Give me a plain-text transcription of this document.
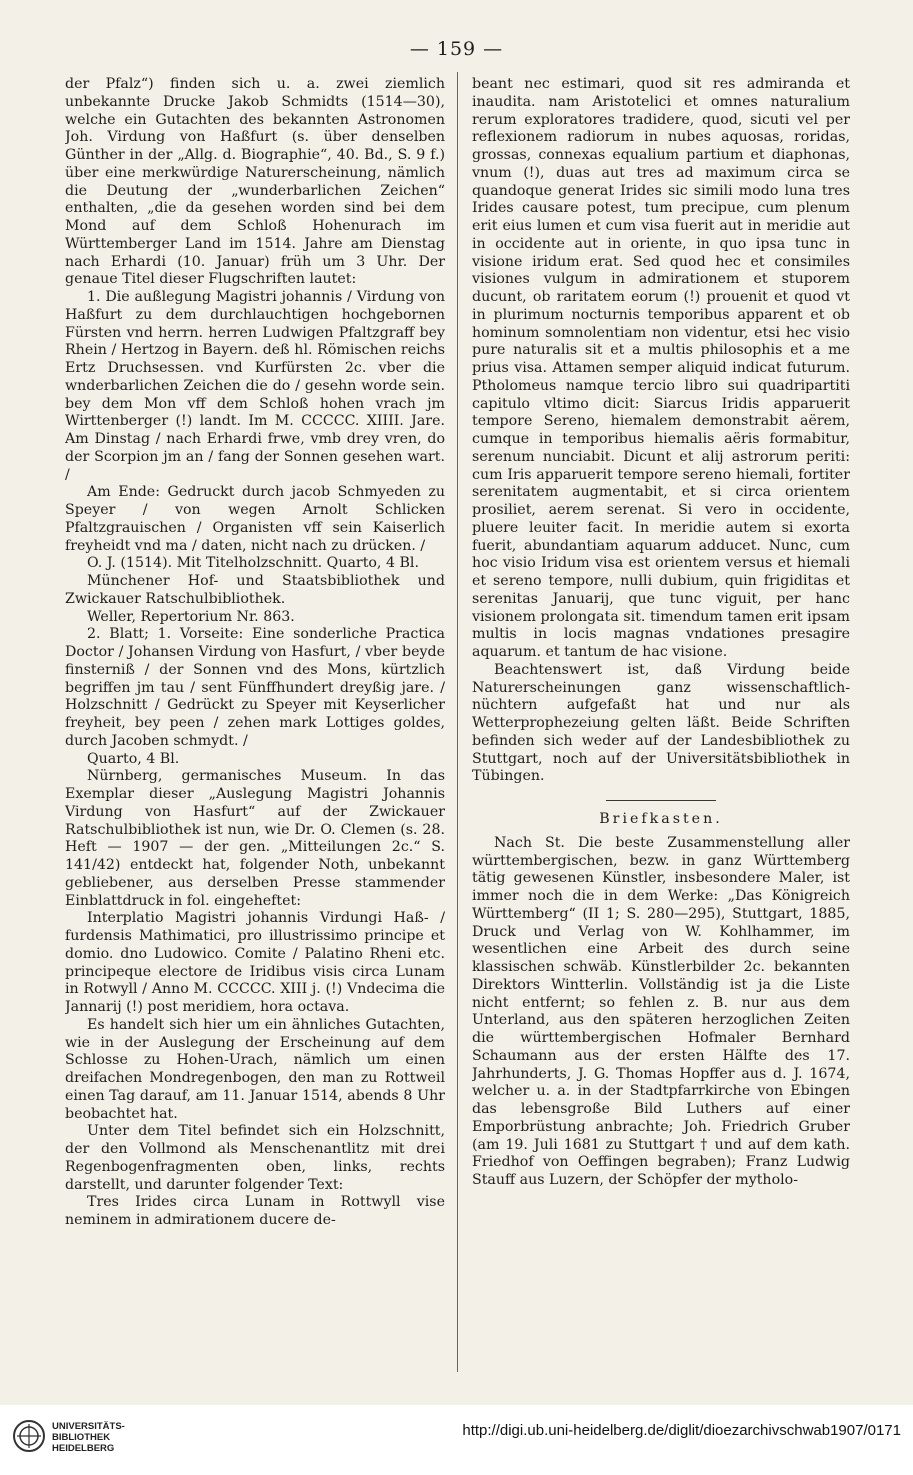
— 159 —

der Pfalz“) finden sich u. a. zwei ziemlich unbekannte Drucke Jakob Schmidts (1514—30), welche ein Gutachten des bekannten Astronomen Joh. Virdung von Haßfurt (s. über denselben Günther in der „Allg. d. Biographie“, 40. Bd., S. 9 f.) über eine merkwürdige Naturerscheinung, nämlich die Deutung der „wunderbarlichen Zeichen“ enthalten, „die da gesehen worden sind bei dem Mond auf dem Schloß Hohenurach im Württemberger Land im 1514. Jahre am Dienstag nach Erhardi (10. Januar) früh um 3 Uhr. Der genaue Titel dieser Flugschriften lautet:

1. Die außlegung Magistri johannis / Virdung von Haßfurt zu dem durchlauchtigen hochgebornen Fürsten vnd herrn. herren Ludwigen Pfaltzgraff bey Rhein / Hertzog in Bayern. deß hl. Römischen reichs Ertz Druchsessen. vnd Kurfürsten 2c. vber die wnderbarlichen Zeichen die do / gesehn worde sein. bey dem Mon vff dem Schloß hohen vrach jm Wirttenberger (!) landt. Im M. CCCCC. XIIII. Jare. Am Dinstag / nach Erhardi frwe, vmb drey vren, do der Scorpion jm an / fang der Sonnen gesehen wart. /

Am Ende: Gedruckt durch jacob Schmyeden zu Speyer / von wegen Arnolt Schlicken Pfaltzgrauischen / Organisten vff sein Kaiserlich freyheidt vnd ma / daten, nicht nach zu drücken. /

O. J. (1514). Mit Titelholzschnitt. Quarto, 4 Bl.

Münchener Hof- und Staatsbibliothek und Zwickauer Ratschulbibliothek.

Weller, Repertorium Nr. 863.

2. Blatt; 1. Vorseite: Eine sonderliche Practica Doctor / Johansen Virdung von Hasfurt, / vber beyde finsterniß / der Sonnen vnd des Mons, kürtzlich begriffen jm tau / sent Fünffhundert dreyßig jare. / Holzschnitt / Gedrückt zu Speyer mit Keyserlicher freyheit, bey peen / zehen mark Lottiges goldes, durch Jacoben schmydt. /

Quarto, 4 Bl.

Nürnberg, germanisches Museum. In das Exemplar dieser „Auslegung Magistri Johannis Virdung von Hasfurt“ auf der Zwickauer Ratschulbibliothek ist nun, wie Dr. O. Clemen (s. 28. Heft — 1907 — der gen. „Mitteilungen 2c.“ S. 141/42) entdeckt hat, folgender Noth, unbekannt gebliebener, aus derselben Presse stammender Einblattdruck in fol. eingeheftet:

Interplatio Magistri johannis Virdungi Haß- / furdensis Mathimatici, pro illustrissimo principe et domio. dno Ludowico. Comite / Palatino Rheni etc. principeque electore de Iridibus visis circa Lunam in Rotwyll / Anno M. CCCCC. XIII j. (!) Vndecima die Jannarij (!) post meridiem, hora octava.

Es handelt sich hier um ein ähnliches Gutachten, wie in der Auslegung der Erscheinung auf dem Schlosse zu Hohen-Urach, nämlich um einen dreifachen Mondregenbogen, den man zu Rottweil einen Tag darauf, am 11. Januar 1514, abends 8 Uhr beobachtet hat.

Unter dem Titel befindet sich ein Holzschnitt, der den Vollmond als Menschenantlitz mit drei Regenbogenfragmenten oben, links, rechts darstellt, und darunter folgender Text:

Tres Irides circa Lunam in Rottwyll vise neminem in admirationem ducere de-

beant nec estimari, quod sit res admiranda et inaudita. nam Aristotelici et omnes naturalium rerum exploratores tradidere, quod, sicuti vel per reflexionem radiorum in nubes aquosas, roridas, grossas, connexas equalium partium et diaphonas, vnum (!), duas aut tres ad maximum circa se quandoque generat Irides sic simili modo luna tres Irides causare potest, tum precipue, cum plenum erit eius lumen et cum visa fuerit aut in meridie aut in occidente aut in oriente, in quo ipsa tunc in visione iridum erat. Sed quod hec et consimiles visiones vulgum in admirationem et stuporem ducunt, ob raritatem eorum (!) prouenit et quod vt in plurimum nocturnis temporibus apparent et ob hominum somnolentiam non videntur, etsi hec visio pure naturalis sit et a multis philosophis et a me prius visa. Attamen semper aliquid indicat futurum. Ptholomeus namque tercio libro sui quadripartiti capitulo vltimo dicit: Siarcus Iridis apparuerit tempore Sereno, hiemalem demonstrabit aërem, cumque in temporibus hiemalis aëris formabitur, serenum nunciabit. Dicunt et alij astrorum periti: cum Iris apparuerit tempore sereno hiemali, fortiter serenitatem augmentabit, et si circa orientem prosiliet, aerem serenat. Si vero in occidente, pluere leuiter facit. In meridie autem si exorta fuerit, abundantiam aquarum adducet. Nunc, cum hoc visio Iridum visa est orientem versus et hiemali et sereno tempore, nulli dubium, quin frigiditas et serenitas Januarij, que tunc viguit, per hanc visionem prolongata sit. timendum tamen erit ipsam multis in locis magnas vndationes presagire aquarum. et tantum de hac visione.

Beachtenswert ist, daß Virdung beide Naturerscheinungen ganz wissenschaftlich-nüchtern aufgefaßt hat und nur als Wetterprophezeiung gelten läßt. Beide Schriften befinden sich weder auf der Landesbibliothek zu Stuttgart, noch auf der Universitätsbibliothek in Tübingen.

Briefkasten.

Nach St. Die beste Zusammenstellung aller württembergischen, bezw. in ganz Württemberg tätig gewesenen Künstler, insbesondere Maler, ist immer noch die in dem Werke: „Das Königreich Württemberg“ (II 1; S. 280—295), Stuttgart, 1885, Druck und Verlag von W. Kohlhammer, im wesentlichen eine Arbeit des durch seine klassischen schwäb. Künstlerbilder 2c. bekannten Direktors Wintterlin. Vollständig ist ja die Liste nicht entfernt; so fehlen z. B. nur aus dem Unterland, aus den späteren herzoglichen Zeiten die württembergischen Hofmaler Bernhard Schaumann aus der ersten Hälfte des 17. Jahrhunderts, J. G. Thomas Hopffer aus d. J. 1674, welcher u. a. in der Stadtpfarrkirche von Ebingen das lebensgroße Bild Luthers auf einer Emporbrüstung anbrachte; Joh. Friedrich Gruber (am 19. Juli 1681 zu Stuttgart † und auf dem kath. Friedhof von Oeffingen begraben); Franz Ludwig Stauff aus Luzern, der Schöpfer der mytholo-

UNIVERSITÄTS-
BIBLIOTHEK
HEIDELBERG
http://digi.ub.uni-heidelberg.de/diglit/dioezarchivschwab1907/0171
